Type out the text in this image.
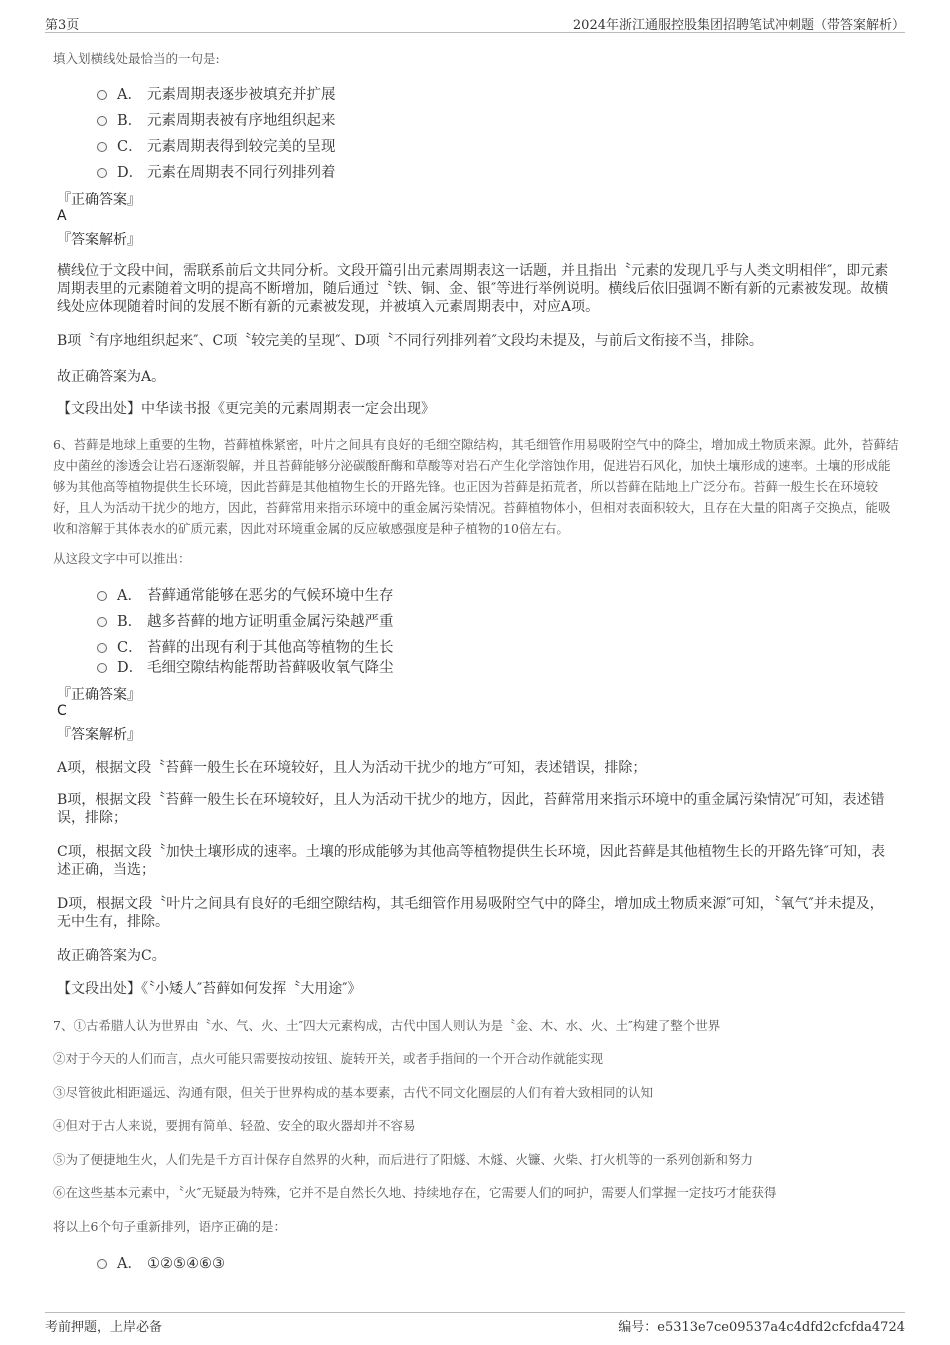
第3页	2024年浙江通服控股集团招聘笔试冲刺题（带答案解析）
填入划横线处最恰当的一句是:
A． 元素周期表逐步被填充并扩展
B． 元素周期表被有序地组织起来
C． 元素周期表得到较完美的呈现
D． 元素在周期表不同行列排列着
『正确答案』
A
『答案解析』
横线位于文段中间，需联系前后文共同分析。文段开篇引出元素周期表这一话题，并且指出〝元素的发现几乎与人类文明相伴″，即元素周期表里的元素随着文明的提高不断增加，随后通过〝铁、铜、金、银″等进行举例说明。横线后依旧强调不断有新的元素被发现。故横线处应体现随着时间的发展不断有新的元素被发现，并被填入元素周期表中，对应A项。
B项〝有序地组织起来″、C项〝较完美的呈现″、D项〝不同行列排列着″文段均未提及，与前后文衔接不当，排除。
故正确答案为A。
【文段出处】中华读书报《更完美的元素周期表一定会出现》
6、苔藓是地球上重要的生物，苔藓植株紧密，叶片之间具有良好的毛细空隙结构，其毛细管作用易吸附空气中的降尘，增加成土物质来源。此外，苔藓结皮中菌丝的渗透会让岩石逐渐裂解，并且苔藓能够分泌碳酸酐酶和草酸等对岩石产生化学溶蚀作用，促进岩石风化，加快土壤形成的速率。土壤的形成能够为其他高等植物提供生长环境，因此苔藓是其他植物生长的开路先锋。也正因为苔藓是拓荒者，所以苔藓在陆地上广泛分布。苔藓一般生长在环境较好，且人为活动干扰少的地方，因此，苔藓常用来指示环境中的重金属污染情况。苔藓植物体小，但相对表面积较大，且存在大量的阳离子交换点，能吸收和溶解于其体表水的矿质元素，因此对环境重金属的反应敏感强度是种子植物的10倍左右。
从这段文字中可以推出：
A． 苔藓通常能够在恶劣的气候环境中生存
B． 越多苔藓的地方证明重金属污染越严重
C． 苔藓的出现有利于其他高等植物的生长
D． 毛细空隙结构能帮助苔藓吸收氧气降尘
『正确答案』
C
『答案解析』
A项，根据文段〝苔藓一般生长在环境较好，且人为活动干扰少的地方″可知，表述错误，排除；
B项，根据文段〝苔藓一般生长在环境较好，且人为活动干扰少的地方，因此，苔藓常用来指示环境中的重金属污染情况″可知，表述错误，排除；
C项，根据文段〝加快土壤形成的速率。土壤的形成能够为其他高等植物提供生长环境，因此苔藓是其他植物生长的开路先锋″可知，表述正确，当选；
D项，根据文段〝叶片之间具有良好的毛细空隙结构，其毛细管作用易吸附空气中的降尘，增加成土物质来源″可知，〝氧气″并未提及，无中生有，排除。
故正确答案为C。
【文段出处】《〝小矮人″苔藓如何发挥〝大用途″》
7、①古希腊人认为世界由〝水、气、火、土″四大元素构成，古代中国人则认为是〝金、木、水、火、土″构建了整个世界
②对于今天的人们而言，点火可能只需要按动按钮、旋转开关，或者手指间的一个开合动作就能实现
③尽管彼此相距遥远、沟通有限，但关于世界构成的基本要素，古代不同文化圈层的人们有着大致相同的认知
④但对于古人来说，要拥有简单、轻盈、安全的取火器却并不容易
⑤为了便捷地生火，人们先是千方百计保存自然界的火种，而后进行了阳燧、木燧、火镰、火柴、打火机等的一系列创新和努力
⑥在这些基本元素中，〝火″无疑最为特殊，它并不是自然长久地、持续地存在，它需要人们的呵护，需要人们掌握一定技巧才能获得
将以上6个句子重新排列，语序正确的是：
A． ①②⑤④⑥③
考前押题，上岸必备	编号：e5313e7ce09537a4c4dfd2cfcfda4724
